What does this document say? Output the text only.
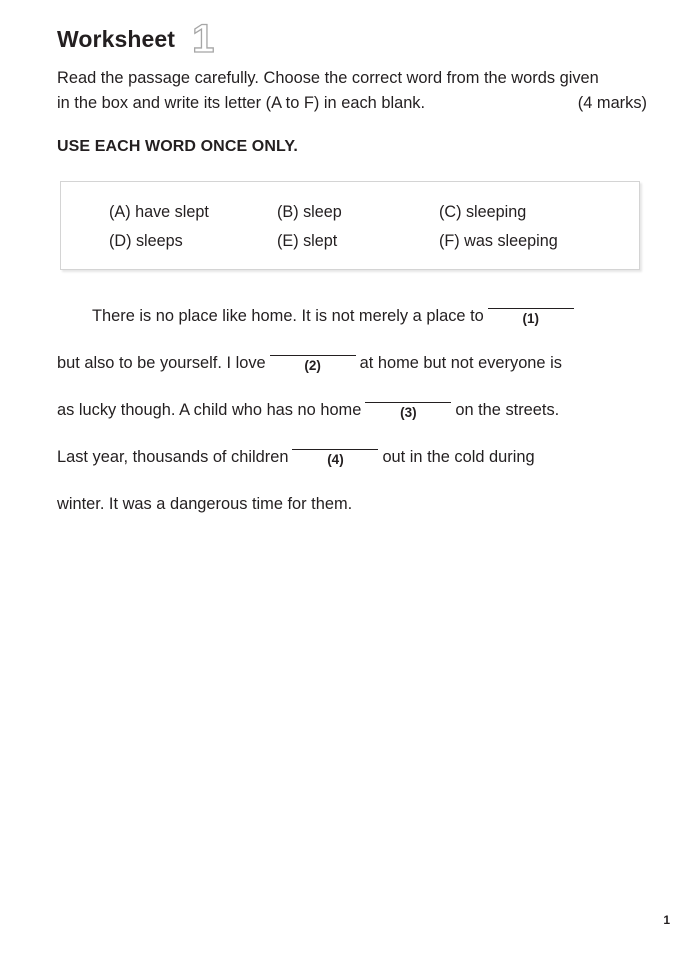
Worksheet 1
Read the passage carefully. Choose the correct word from the words given
in the box and write its letter (A to F) in each blank.	(4 marks)
USE EACH WORD ONCE ONLY.
(A) have slept	(B) sleep	(C) sleeping
(D) sleeps	(E) slept	(F) was sleeping
There is no place like home. It is not merely a place to

	(1)

but also to be yourself. I love

	(2)

	at home but not everyone is
as lucky though. A child who has no home

	(3)

	on the streets.
Last year, thousands of children

	(4)

	out in the cold during
winter. It was a dangerous time for them.
1
